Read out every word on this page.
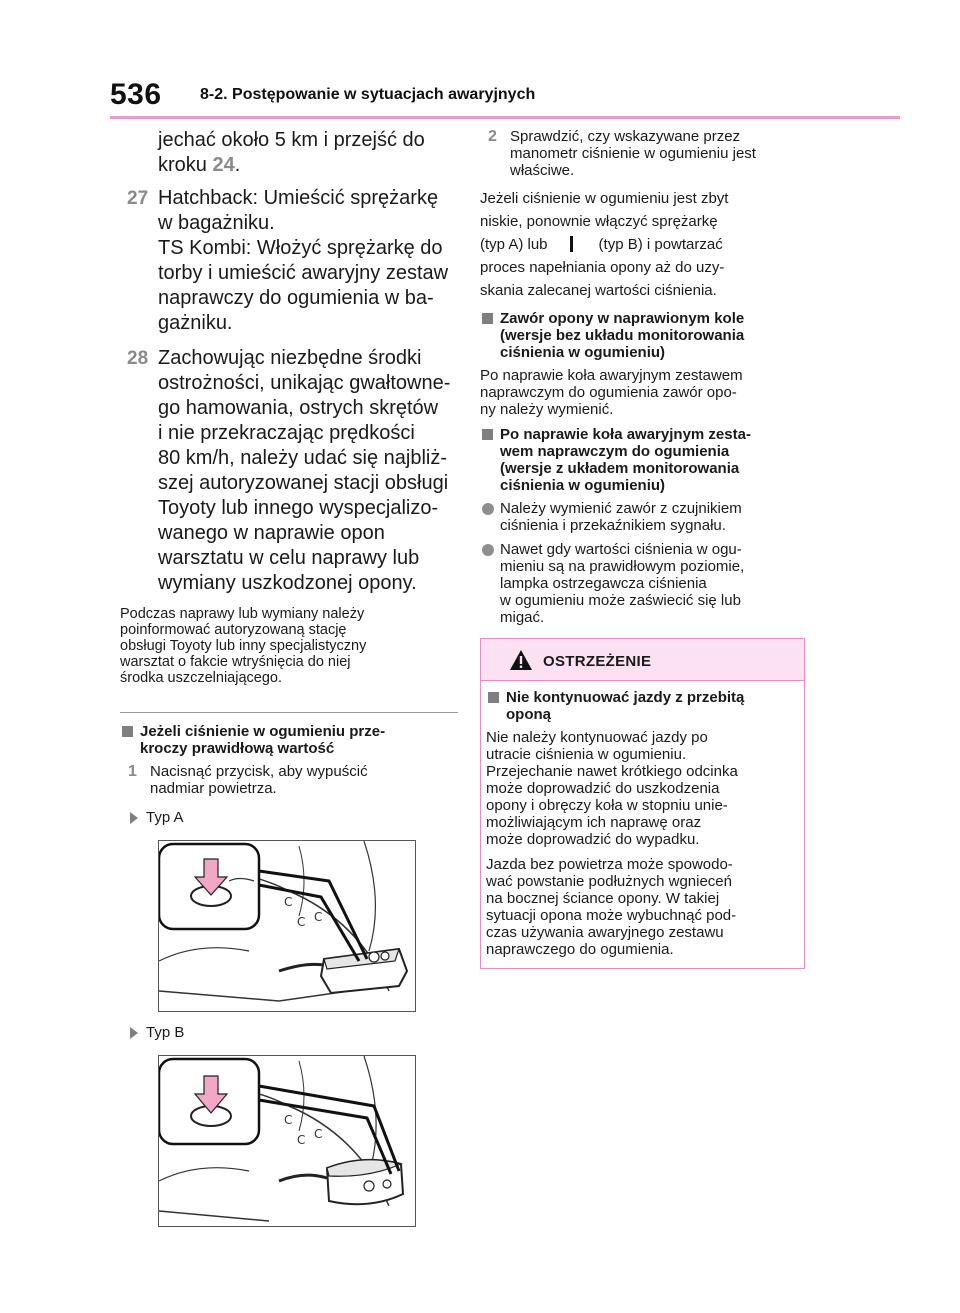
536 8-2. Postępowanie w sytuacjach awaryjnych
jechać około 5 km i przejść do
kroku 24.
27 Hatchback: Umieścić sprężarkę
w bagażniku.
TS Kombi: Włożyć sprężarkę do
torby i umieścić awaryjny zestaw
naprawczy do ogumienia w ba-
gażniku.
28 Zachowując niezbędne środki
ostrożności, unikając gwałtowne-
go hamowania, ostrych skrętów
i nie przekraczając prędkości
80 km/h, należy udać się najbliż-
szej autoryzowanej stacji obsługi
Toyoty lub innego wyspecjalizo-
wanego w naprawie opon
warsztatu w celu naprawy lub
wymiany uszkodzonej opony.
Podczas naprawy lub wymiany należy
poinformować autoryzowaną stację
obsługi Toyoty lub inny specjalistyczny
warsztat o fakcie wtryśnięcia do niej
środka uszczelniającego.
Jeżeli ciśnienie w ogumieniu prze-
kroczy prawidłową wartość
1 Nacisnąć przycisk, aby wypuścić
nadmiar powietrza.
Typ A
C
C C
Typ B
C
C C
2 Sprawdzić, czy wskazywane przez
manometr ciśnienie w ogumieniu jest
właściwe.
Jeżeli ciśnienie w ogumieniu jest zbyt
niskie, ponownie włączyć sprężarkę
(typ A) lub	(typ B) i powtarzać
proces napełniania opony aż do uzy-
skania zalecanej wartości ciśnienia.
Zawór opony w naprawionym kole
(wersje bez układu monitorowania
ciśnienia w ogumieniu)
Po naprawie koła awaryjnym zestawem
naprawczym do ogumienia zawór opo-
ny należy wymienić.
Po naprawie koła awaryjnym zesta-
wem naprawczym do ogumienia
(wersje z układem monitorowania
ciśnienia w ogumieniu)
Należy wymienić zawór z czujnikiem
ciśnienia i przekaźnikiem sygnału.
Nawet gdy wartości ciśnienia w ogu-
mieniu są na prawidłowym poziomie,
lampka ostrzegawcza ciśnienia
w ogumieniu może zaświecić się lub
migać.
OSTRZEŻENIE
Nie kontynuować jazdy z przebitą
oponą
Nie należy kontynuować jazdy po
utracie ciśnienia w ogumieniu.
Przejechanie nawet krótkiego odcinka
może doprowadzić do uszkodzenia
opony i obręczy koła w stopniu unie-
możliwiającym ich naprawę oraz
może doprowadzić do wypadku.
Jazda bez powietrza może spowodo-
wać powstanie podłużnych wgnieceń
na bocznej ściance opony. W takiej
sytuacji opona może wybuchnąć pod-
czas używania awaryjnego zestawu
naprawczego do ogumienia.
